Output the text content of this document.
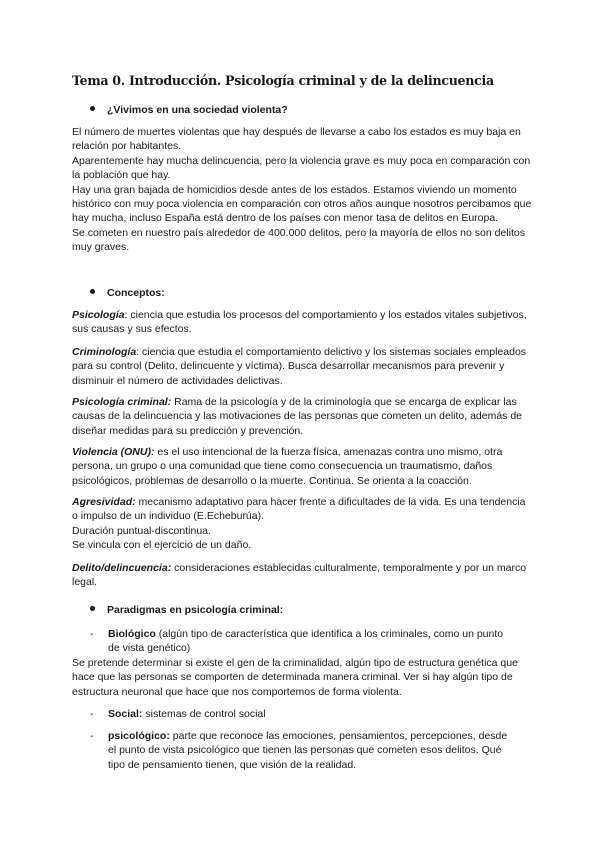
Tema 0. Introducción. Psicología criminal y de la delincuencia
¿Vivimos en una sociedad violenta?

El número de muertes violentas que hay después de llevarse a cabo los estados es muy baja en relación por habitantes.

Aparentemente hay mucha delincuencia, pero la violencia grave es muy poca en comparación con la población que hay.

Hay una gran bajada de homicidios desde antes de los estados. Estamos viviendo un momento histórico con muy poca violencia en comparación con otros años aunque nosotros percibamos que hay mucha, incluso España está dentro de los países con menor tasa de delitos en Europa.

Se cometen en nuestro país alrededor de 400.000 delitos, pero la mayoría de ellos no son delitos muy graves.

Conceptos:

Psicología: ciencia que estudia los procesos del comportamiento y los estados vitales subjetivos, sus causas y sus efectos.

Criminología: ciencia que estudia el comportamiento delictivo y los sistemas sociales empleados para su control (Delito, delincuente y víctima). Busca desarrollar mecanismos para prevenir y disminuir el número de actividades delictivas.

Psicología criminal: Rama de la psicología y de la criminología que se encarga de explicar las causas de la delincuencia y las motivaciones de las personas que cometen un delito, además de diseñar medidas para su predicción y prevención.

Violencia (ONU): es el uso intencional de la fuerza física, amenazas contra uno mismo, otra persona, un grupo o una comunidad que tiene como consecuencia un traumatismo, daños psicológicos, problemas de desarrollo o la muerte. Continua. Se orienta a la coacción.

Agresividad: mecanismo adaptativo para hacer frente a dificultades de la vida. Es una tendencia o impulso de un individuo (E.Echeburúa).

Duración puntual-discontinua.

Se vincula con el ejercicio de un daño.

Delito/delincuencia: consideraciones establecidas culturalmente, temporalmente y por un marco legal.

Paradigmas en psicología criminal:
- Biológico (algún tipo de característica que identifica a los criminales, como un punto de vista genético)

Se pretende determinar si existe el gen de la criminalidad, algún tipo de estructura genética que hace que las personas se comporten de determinada manera criminal. Ver si hay algún tipo de estructura neuronal que hace que nos comportemos de forma violenta.

- Social: sistemas de control social
- psicológico: parte que reconoce las emociones, pensamientos, percepciones, desde el punto de vista psicológico que tienen las personas que cometen esos delitos. Qué tipo de pensamiento tienen, que visión de la realidad.
